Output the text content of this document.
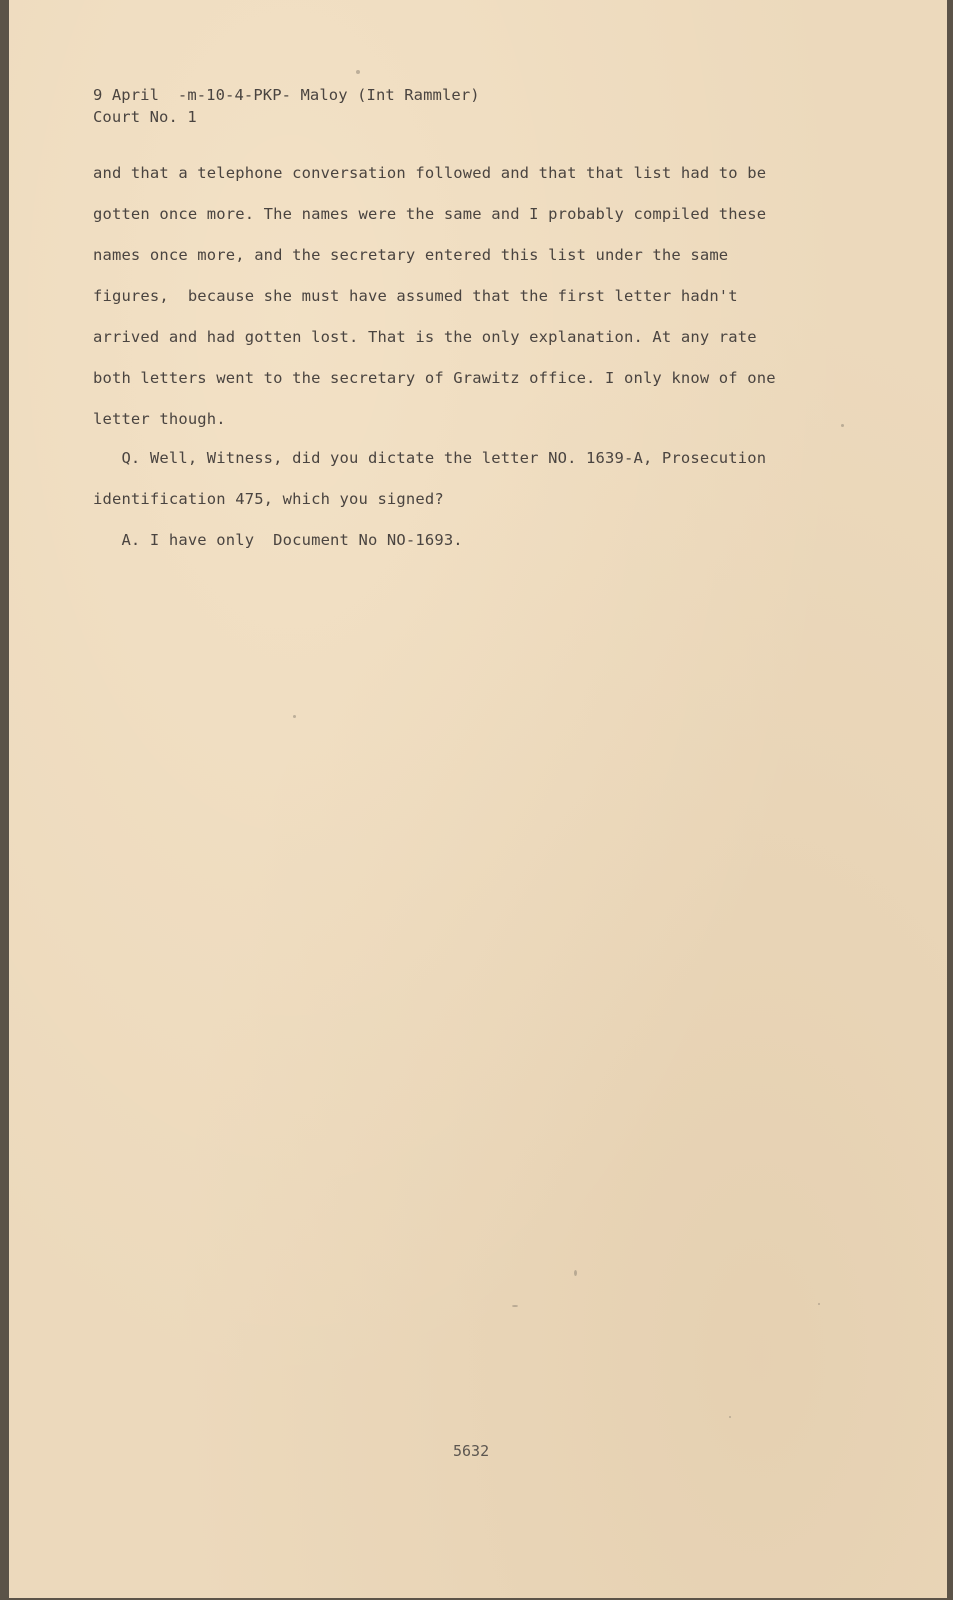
9 April  -m-10-4-PKP- Maloy (Int Rammler)
Court No. 1
and that a telephone conversation followed and that that list had to be
gotten once more. The names were the same and I probably compiled these
names once more, and the secretary entered this list under the same
figures,  because she must have assumed that the first letter hadn't
arrived and had gotten lost. That is the only explanation. At any rate
both letters went to the secretary of Grawitz office. I only know of one
letter though.
Q. Well, Witness, did you dictate the letter NO. 1639-A, Prosecution
identification 475, which you signed?
A. I have only  Document No NO-1693.
5632
